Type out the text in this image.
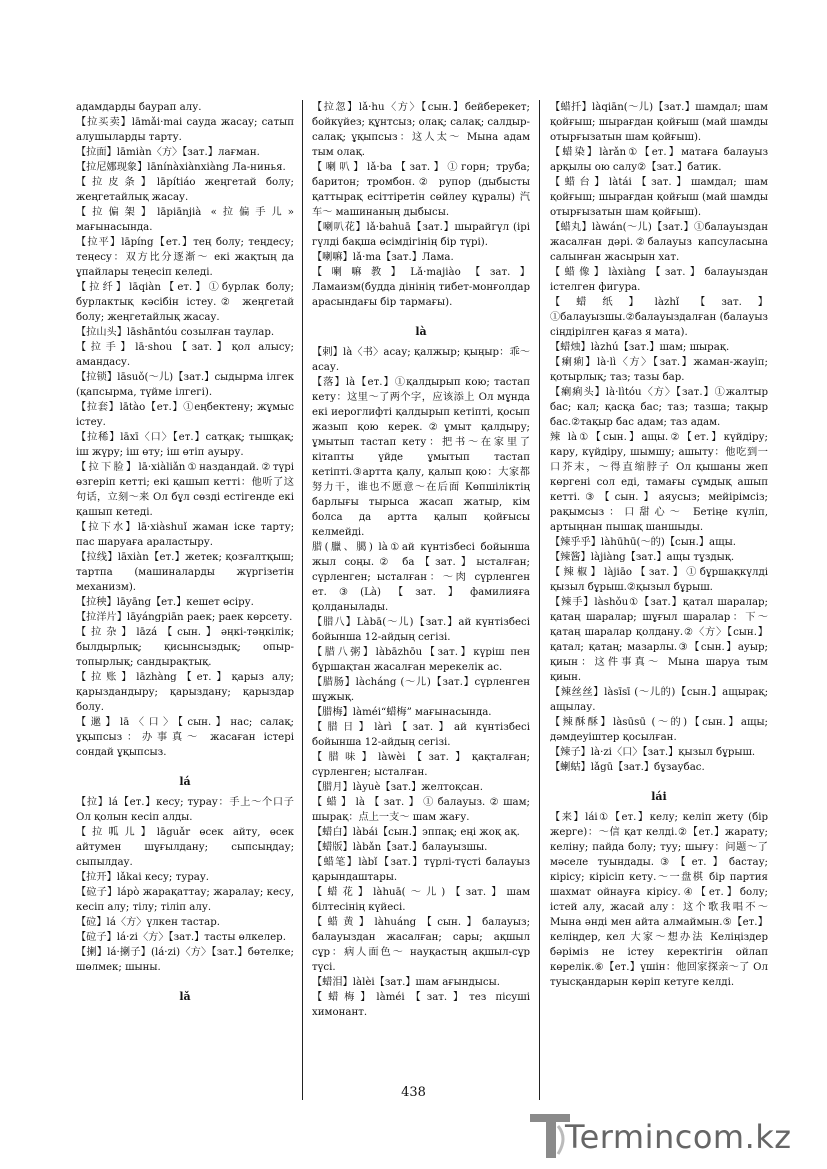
адамдарды баурап алу.
【拉买卖】lāmǎi·mai сауда жасау; сатып алушыларды тарту.
【拉面】lāmiàn〈方〉【зат.】лағман.
【拉尼娜现象】lānínàxiànxiàng Ла-нинья.
【拉皮条】lāpítiáo жеңгетай болу; жеңгетайлық жасау.
【拉偏架】lāpiānjià «拉偏手儿» мағынасында.
【拉平】lāpíng【ет.】тең болу; теңдесу; теңесу：双方比分逐渐～ екі жақтың да ұпайлары теңесіп келеді.
【拉纤】lāqiàn【ет.】①бурлак болу; бурлактық кәсібін істеу.② жеңгетай болу; жеңгетайлық жасау.
【拉山头】lāshāntóu созылған таулар.
【拉手】lā·shou【зат.】қол алысу; амандасу.
【拉锁】lāsuǒ(～儿)【зат.】сыдырма ілгек (қапсырма, түйме ілгегі).
【拉套】lātào【ет.】①еңбектену; жұмыс істеу.
【拉稀】lāxī〈口〉【ет.】сатқақ; тышқақ; іш жүру; іш өту; іш өтіп ауыру.
【拉下脸】lā·xiàliǎn①наздандай.②түрі өзгеріп кетті; екі қашып кетті：他听了这句话，立刻～来 Ол бұл сөзді естігенде екі қашып кетеді.
【拉下水】lā·xiàshuǐ жаман іске тарту; пас шаруаға араластыру.
【拉线】lāxiàn【ет.】жетек; қозғалтқыш; тартпа (машиналарды жүргізетін механизм).
【拉秧】lāyāng【ет.】кешет өсіру.
【拉洋片】lāyángpiān раек; раек көрсету.
【拉杂】lāzá【сын.】әңкі-тәңкілік; былдырлық; қисынсыздық; опыр-топырлық; сандырақтық.
【拉账】lāzhàng【ет.】қарыз алу; қарыздандыру; қарыздану; қарыздар болу.
【邋】lā〈口〉【сын.】нас; салақ; ұқыпсыз：办事真～ жасаған істері сондай ұқыпсыз.
lá
【拉】lá【ет.】кесу; турау：手上～个口子 Ол қолын кесіп алды.
【拉呱儿】lāguǎr өсек айту, өсек айтумен шұғылдану; сыпсыңдау; сыпылдау.
【拉开】lǎkai кесу; турау.
【砬子】lápò жарақаттау; жаралау; кесу, кесіп алу; тілу; тіліп алу.
【砬】lá〈方〉үлкен тастар.
【砬子】lá·zi〈方〉【зат.】тасты өлкелер.
【揦】lá·揦子】(lá·zi)〈方〉【зат.】бөтелке; шөлмек; шыны.
lǎ
【拉忽】lǎ·hu〈方〉【сын.】бейберекет; бойкүйез; құнтсыз; олақ; салақ; салдыр-салақ; ұқыпсыз：这人太～ Мына адам тым олақ.
【喇叭】lǎ·ba【зат.】①горн; труба; баритон; тромбон.② рупор (дыбысты қаттырақ есіттіретін сөйлеу құралы) 汽车～ машинаның дыбысы.
【喇叭花】lǎ·bahuā【зат.】шырайгүл (ірі гүлді бақша өсімдігінің бір түрі).
【喇嘛】lǎ·ma【зат.】Лама.
【喇嘛教】Lǎ·majiào【зат.】Ламаизм(будда дінінің тибет-монғолдар арасындағы бір тармағы).
là
【剌】là〈书〉асау; қалжыр; қыңыр：乖～ асау.
【落】là【ет.】①қалдырып кою; тастап кету：这里～了两个字，应该添上 Ол мұнда екі иероглифті қалдырып кетіпті, қосып жазып қою керек.②ұмыт қалдыру; ұмытып тастап кету：把书～在家里了 кітапты үйде ұмытып тастап кетіпті.③артта қалу, қалып қою：大家都努力干，谁也不愿意～在后面 Көпшіліктің барлығы тырыса жасап жатыр, кім болса да артта қалып қойғысы келмейді.
腊(臘、臈) là①ай күнтізбесі бойынша жыл соңы.② ба【зат.】ысталған; сүрленген; ыcталған：～肉 сүрленген ет.③(Là)【зат.】фамилияға қолданылады.
【腊八】Làbā(～儿)【зат.】ай күнтізбесі бойынша 12-айдың сегізі.
【腊八粥】làbāzhōu【зат.】күріш пен бұршақтан жасалған мерекелік ас.
【腊肠】làcháng (～儿)【зат.】сүрленген шұжық.
【腊梅】làméi“蜡梅” мағынасында.
【腊日】làrì【зат.】ай күнтізбесі бойынша 12-айдың сегізі.
【腊味】làwèi【зат.】қақталған; сүрленген; ысталған.
【腊月】làyuè【зат.】желтоқсан.
【蜡】là【зат.】①балауыз.②шам; шырақ：点上一支～ шам жағу.
【蜡白】làbái【сын.】эппақ; еңі жоқ ақ.
【蜡版】làbǎn【зат.】балауызшы.
【蜡笔】làbǐ【зат.】түрлі-түсті балауыз қарындаштары.
【蜡花】làhuā(～儿)【зат.】шам білтесінің күйесі.
【蜡黄】làhuáng【сын.】балауыз; балауыздан жасалған; сары; ақшыл сұр：病人面色～ науқастың ақшыл-сұр түсі.
【蜡泪】làlèi【зат.】шам ағындысы.
【蜡梅】làméi【зат.】тез пісуші химонант.
【蜡扦】làqiān(～儿)【зат.】шамдал; шам қойғыш; шырағдан қойғыш (май шамды отырғызатын шам қойғыш).
【蜡染】làrǎn①【ет.】матаға балауыз арқылы ою салу②【зат.】батик.
【蜡台】làtái【зат.】шамдал; шам қойғыш; шырағдан қойғыш (май шамды отырғызатын шам қойғыш).
【蜡丸】làwán(～儿)【зат.】①балауыздан жасалған дәрі.②балауыз капсулаcына салынған жасырын хат.
【蜡像】làxiàng【зат.】балауыздан істелген фигура.
【蜡纸】làzhǐ【зат.】①балауызшы.②балауыздалған (балауыз сіңдірілген қағаз я мата).
【蜡烛】làzhú【зат.】шам; шырақ.
【瘌痢】là·lì〈方〉【зат.】жаман-жауіп; қотырлық; таз; тазы бар.
【瘌痢头】là·lìtóu〈方〉【зат.】①жалтыр бас; кал; қасқа бас; таз; тазша; тақыр бас.②тақыр бас адам; таз адам.
辣 là①【сын.】ащы.②【ет.】күйдіру; кару, күйдіру, шымшу; ашыту：他吃到一口芥末，～得直缩脖子 Ол қышаны жеп көргені сол еді, тамағы сұмдық ашып кетті.③【сын.】аяусыз; мейірімсіз; рақымсыз：口甜心～ Бетіңе күліп, артыңнан пышақ шаншыды.
【辣乎乎】làhūhū(～的)【сын.】ащы.
【辣酱】làjiàng【зат.】ащы тұздық.
【辣椒】làjiāo【зат.】①бұршақкүлді қызыл бұрыш.②қызыл бұрыш.
【辣手】làshǒu①【зат.】қатал шаралар; қатаң шаралар; шұғыл шаралар：下～ қатаң шаралар қолдану.②〈方〉【сын.】қатал; қатаң; мазарлы.③【сын.】ауыр; қиын：这件事真～ Мына шаруа тым қиын.
【辣丝丝】làsīsī (～儿的)【сын.】ащырақ; ащылау.
【辣酥酥】làsūsū (～的)【сын.】ащы; дәмдеуіштер қосылған.
【辣子】là·zi〈口〉【зат.】қызыл бұрыш.
【蝲蛄】lǎgū【зат.】бұзаубас.
lái
【来】lái①【ет.】келу; келіп жету (бір жерге)：～信 қат келді.②【ет.】жарату; келіну; пайда болу; туу; шығу：问题～了 мәселе туындады.③【ет.】бастау; кірісу; кірісіп кету.～一盘棋 бір партия шахмат ойнауға кірісу.④【ет.】болу; істей алу, жасай алу：这个歌我唱不～ Мына әнді мен айта алмаймын.⑤【ет.】келіңдер, кел 大家～想办法 Келіңіздер бәріміз не істеу керектігін ойлап көрелік.⑥【ет.】үшін：他回家探亲～了 Ол туысқандарын көріп кетуге келді.
438
Termincom.kz
